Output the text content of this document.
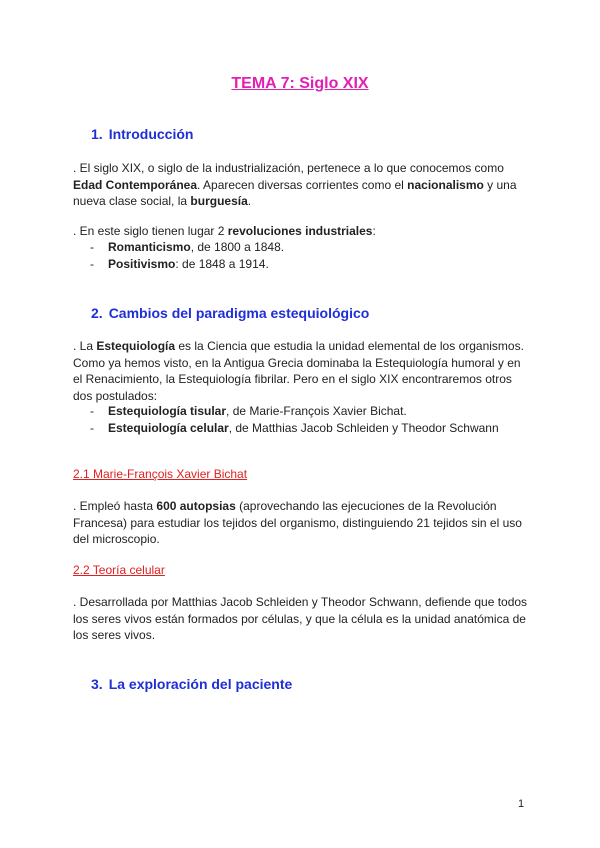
TEMA 7: Siglo XIX
1. Introducción
. El siglo XIX, o siglo de la industrialización, pertenece a lo que conocemos como Edad Contemporánea. Aparecen diversas corrientes como el nacionalismo y una nueva clase social, la burguesía.
. En este siglo tienen lugar 2 revoluciones industriales:
- Romanticismo, de 1800 a 1848.
- Positivismo: de 1848 a 1914.
2. Cambios del paradigma estequiológico
. La Estequiología es la Ciencia que estudia la unidad elemental de los organismos. Como ya hemos visto, en la Antigua Grecia dominaba la Estequiología humoral y en el Renacimiento, la Estequiología fibrilar. Pero en el siglo XIX encontraremos otros dos postulados:
- Estequiología tisular, de Marie-François Xavier Bichat.
- Estequiología celular, de Matthias Jacob Schleiden y Theodor Schwann
2.1 Marie-François Xavier Bichat
. Empleó hasta 600 autopsias (aprovechando las ejecuciones de la Revolución Francesa) para estudiar los tejidos del organismo, distinguiendo 21 tejidos sin el uso del microscopio.
2.2 Teoría celular
. Desarrollada por Matthias Jacob Schleiden y Theodor Schwann, defiende que todos los seres vivos están formados por células, y que la célula es la unidad anatómica de los seres vivos.
3. La exploración del paciente
1
